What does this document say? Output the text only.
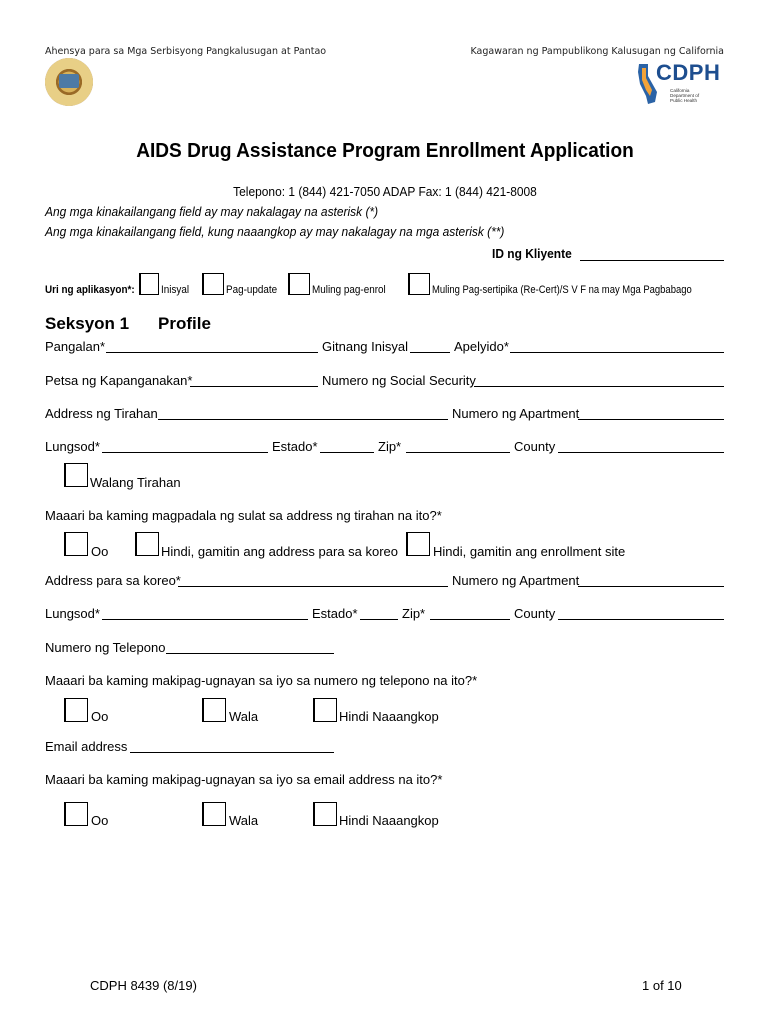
Ahensya para sa Mga Serbisyong Pangkalusugan at Pantao	Kagawaran ng Pampublikong Kalusugan ng California
CDPH
California Department of Public Health
AIDS Drug Assistance Program Enrollment Application
Telepono: 1 (844) 421-7050 ADAP Fax: 1 (844) 421-8008
Ang mga kinakailangang field ay may nakalagay na asterisk (*)
Ang mga kinakailangang field, kung naaangkop ay may nakalagay na mga asterisk (**)
ID ng Kliyente
Uri ng aplikasyon*: Inisyal	Pag-update	Muling pag-enrol	Muling Pag-sertipika (Re-Cert)/S V F na may Mga Pagbabago
Seksyon 1 Profile
Pangalan*	Gitnang Inisyal	Apelyido*
Petsa ng Kapanganakan*	Numero ng Social Security
Address ng Tirahan	Numero ng Apartment
Lungsod*	Estado*	Zip*	County
Walang Tirahan
Maaari ba kaming magpadala ng sulat sa address ng tirahan na ito?*
Oo	Hindi, gamitin ang address para sa koreo	Hindi, gamitin ang enrollment site
Address para sa koreo*	Numero ng Apartment
Lungsod*	Estado*	Zip*	County
Numero ng Telepono
Maaari ba kaming makipag-ugnayan sa iyo sa numero ng telepono na ito?*
Oo	Wala	Hindi Naaangkop
Email address
Maaari ba kaming makipag-ugnayan sa iyo sa email address na ito?*
Oo	Wala	Hindi Naaangkop
CDPH 8439 (8/19)	1 of 10
